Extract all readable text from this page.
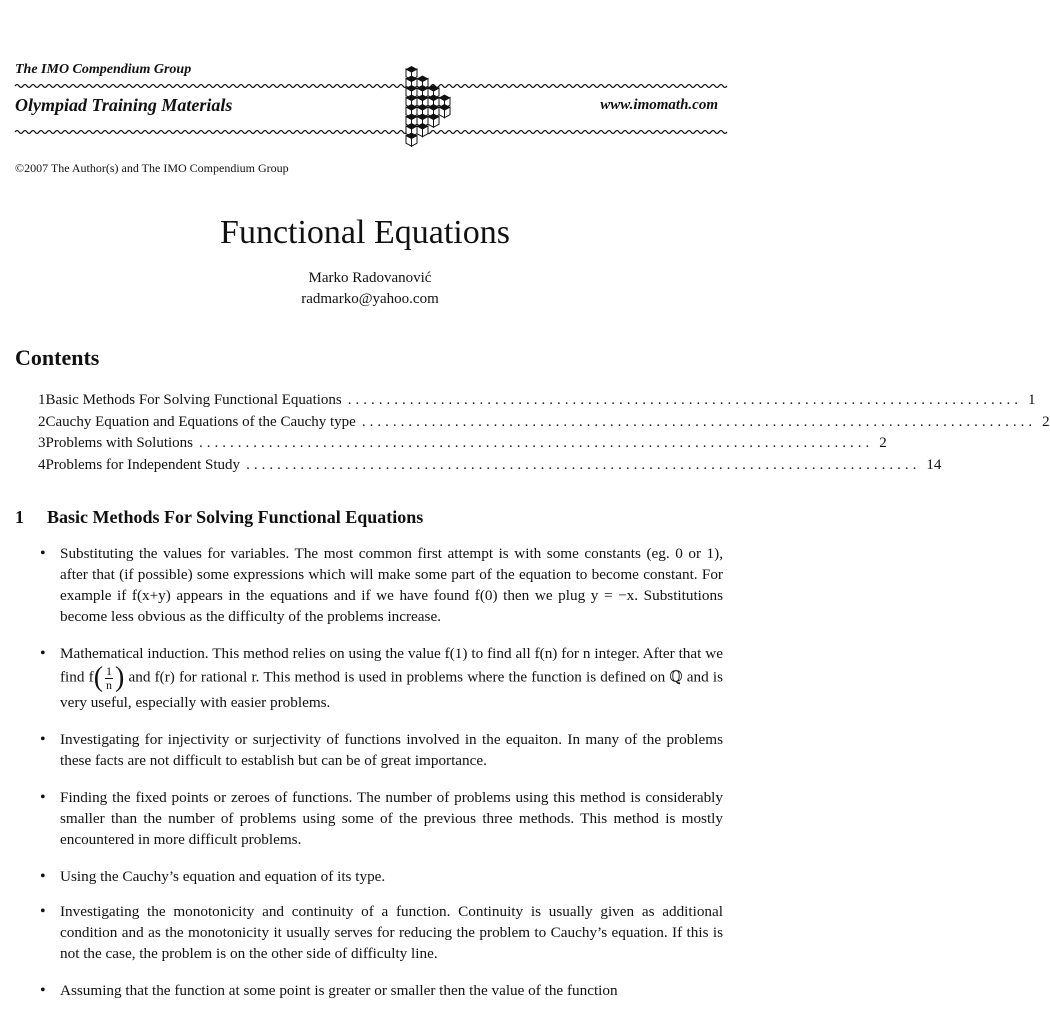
The IMO Compendium Group
Olympiad Training Materials	www.imomath.com
©2007 The Author(s) and The IMO Compendium Group
Functional Equations
Marko Radovanović
radmarko@yahoo.com
Contents
1 Basic Methods For Solving Functional Equations ....................................................................................... 1
2 Cauchy Equation and Equations of the Cauchy type ....................................................................................... 2
3 Problems with Solutions ....................................................................................... 2
4 Problems for Independent Study ....................................................................................... 14
1 Basic Methods For Solving Functional Equations
• Substituting the values for variables. The most common first attempt is with some constants (eg. 0 or 1), after that (if possible) some expressions which will make some part of the equation to become constant. For example if f(x+y) appears in the equations and if we have found f(0) then we plug y = −x. Substitutions become less obvious as the difficulty of the problems increase.
• Mathematical induction. This method relies on using the value f(1) to find all f(n) for n integer. After that we find f ( $\frac{1}{n}$ ) and f(r) for rational r. This method is used in problems where the function is defined on ℚ and is very useful, especially with easier problems.
• Investigating for injectivity or surjectivity of functions involved in the equaiton. In many of the problems these facts are not difficult to establish but can be of great importance.
• Finding the fixed points or zeroes of functions. The number of problems using this method is considerably smaller than the number of problems using some of the previous three methods. This method is mostly encountered in more difficult problems.
• Using the Cauchy’s equation and equation of its type.
• Investigating the monotonicity and continuity of a function. Continuity is usually given as additional condition and as the monotonicity it usually serves for reducing the problem to Cauchy’s equation. If this is not the case, the problem is on the other side of difficulty line.
• Assuming that the function at some point is greater or smaller then the value of the function
